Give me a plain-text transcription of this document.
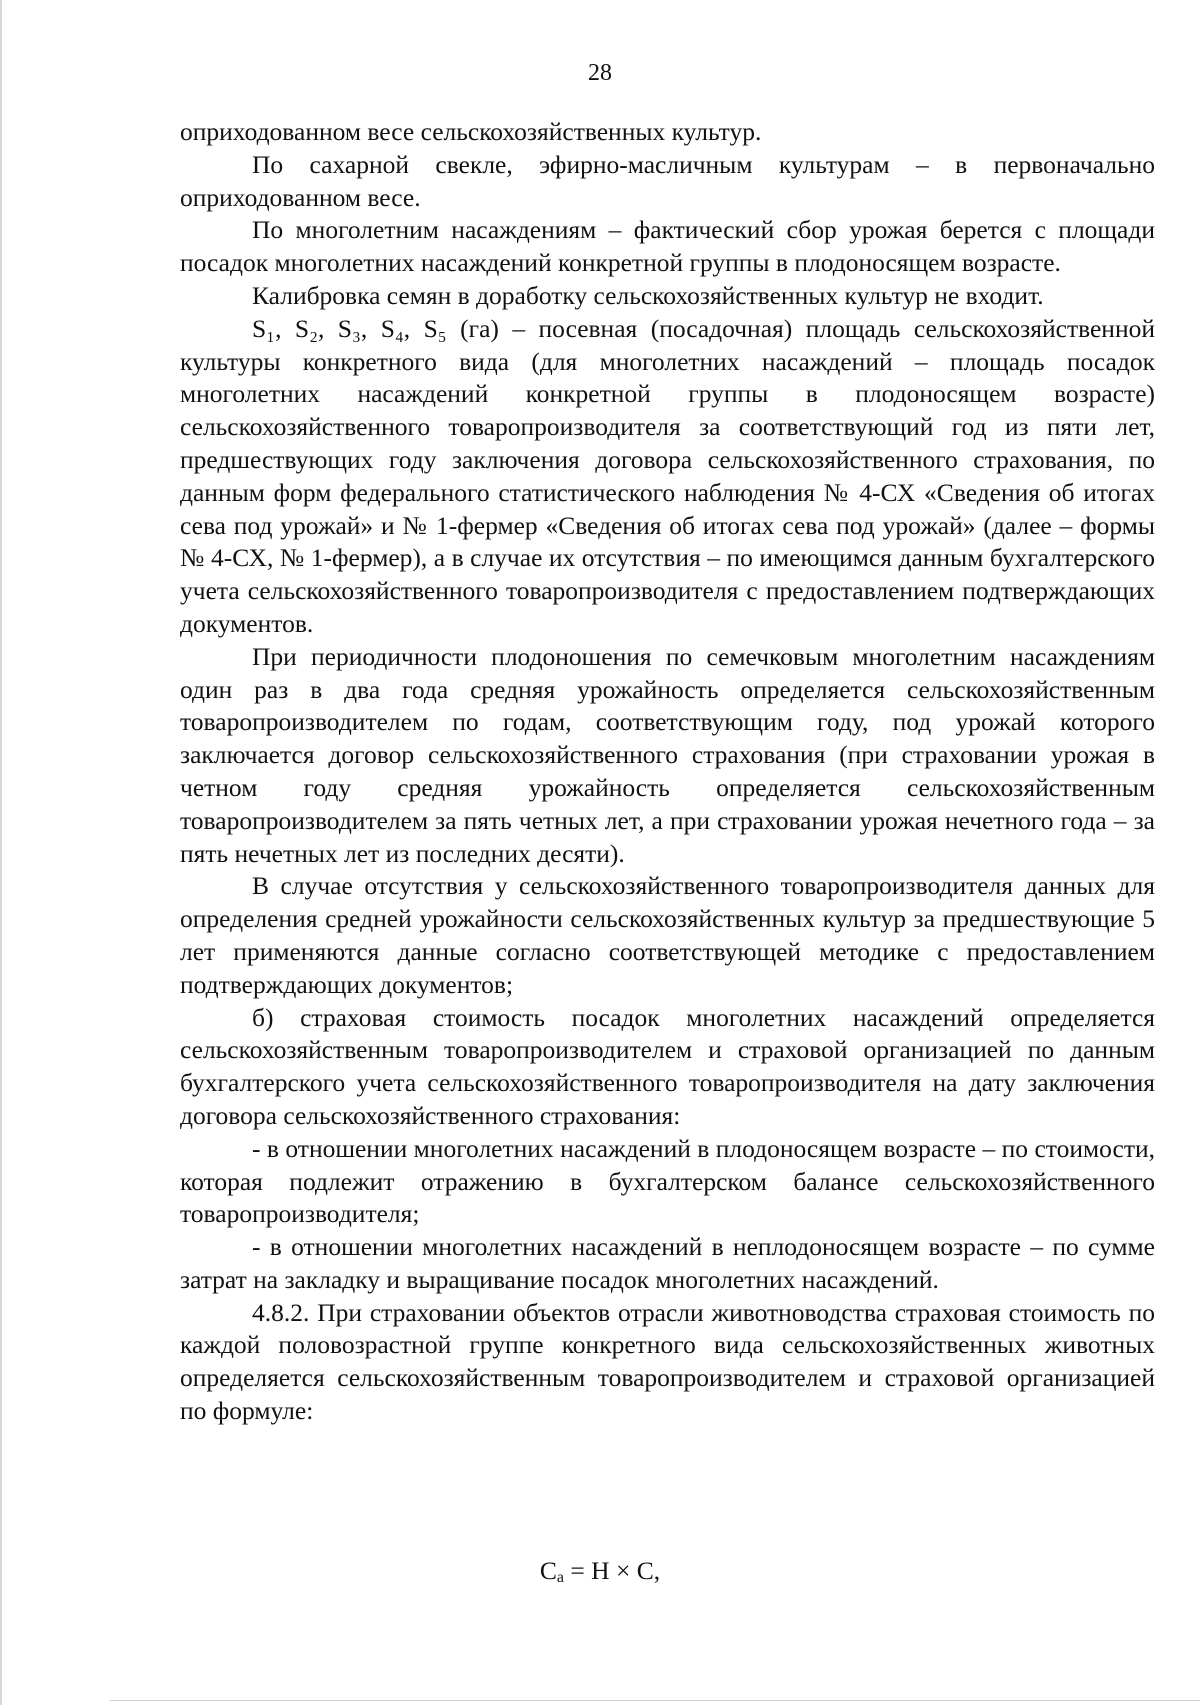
28

оприходованном весе сельскохозяйственных культур.

По сахарной свекле, эфирно-масличным культурам – в первоначально оприходованном весе.

По многолетним насаждениям – фактический сбор урожая берется с площади посадок многолетних насаждений конкретной группы в плодоносящем возрасте.

Калибровка семян в доработку сельскохозяйственных культур не входит.

S₁, S₂, S₃, S₄, S₅ (га) – посевная (посадочная) площадь сельскохозяйственной культуры конкретного вида (для многолетних насаждений – площадь посадок многолетних насаждений конкретной группы в плодоносящем возрасте) сельскохозяйственного товаропроизводителя за соответствующий год из пяти лет, предшествующих году заключения договора сельскохозяйственного страхования, по данным форм федерального статистического наблюдения № 4-СХ «Сведения об итогах сева под урожай» и № 1-фермер «Сведения об итогах сева под урожай» (далее – формы № 4-СХ, № 1-фермер), а в случае их отсутствия – по имеющимся данным бухгалтерского учета сельскохозяйственного товаропроизводителя с предоставлением подтверждающих документов.

При периодичности плодоношения по семечковым многолетним насаждениям один раз в два года средняя урожайность определяется сельскохозяйственным товаропроизводителем по годам, соответствующим году, под урожай которого заключается договор сельскохозяйственного страхования (при страховании урожая в четном году средняя урожайность определяется сельскохозяйственным товаропроизводителем за пять четных лет, а при страховании урожая нечетного года – за пять нечетных лет из последних десяти).

В случае отсутствия у сельскохозяйственного товаропроизводителя данных для определения средней урожайности сельскохозяйственных культур за предшествующие 5 лет применяются данные согласно соответствующей методике с предоставлением подтверждающих документов;

б) страховая стоимость посадок многолетних насаждений определяется сельскохозяйственным товаропроизводителем и страховой организацией по данным бухгалтерского учета сельскохозяйственного товаропроизводителя на дату заключения договора сельскохозяйственного страхования:

- в отношении многолетних насаждений в плодоносящем возрасте – по стоимости, которая подлежит отражению в бухгалтерском балансе сельскохозяйственного товаропроизводителя;

- в отношении многолетних насаждений в неплодоносящем возрасте – по сумме затрат на закладку и выращивание посадок многолетних насаждений.

4.8.2. При страховании объектов отрасли животноводства страховая стоимость по каждой половозрастной группе конкретного вида сельскохозяйственных животных определяется сельскохозяйственным товаропроизводителем и страховой организацией по формуле:

$C_a = H \times C$,
